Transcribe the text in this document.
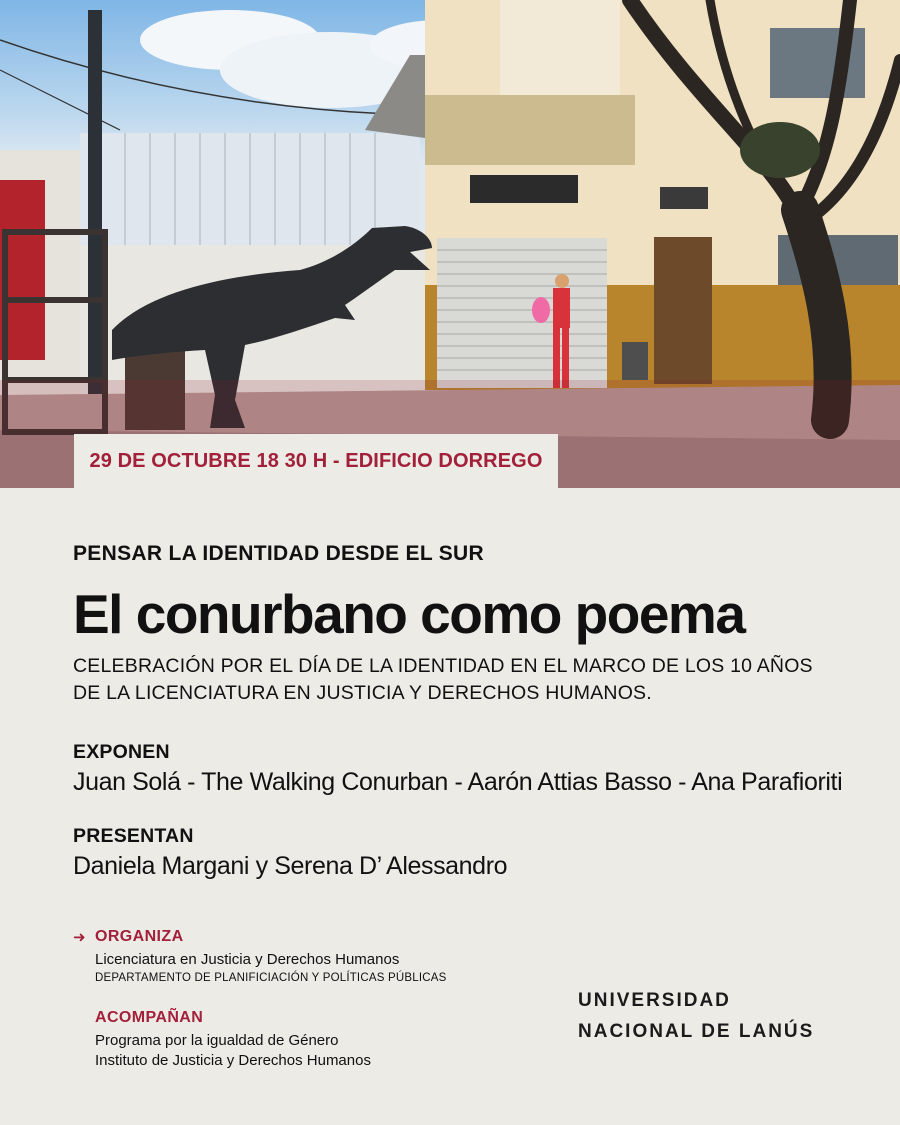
29 DE OCTUBRE 18 30 H - EDIFICIO DORREGO
PENSAR LA IDENTIDAD DESDE EL SUR
El conurbano como poema
CELEBRACIÓN POR EL DÍA DE LA IDENTIDAD EN EL MARCO DE LOS 10 AÑOS
DE LA LICENCIATURA EN JUSTICIA Y DERECHOS HUMANOS.
EXPONEN
Juan Solá - The Walking Conurban - Aarón Attias Basso - Ana Parafioriti
PRESENTAN
Daniela Margani y Serena D’ Alessandro
➜ ORGANIZA
Licenciatura en Justicia y Derechos Humanos
DEPARTAMENTO DE PLANIFICIACIÓN Y POLÍTICAS PÚBLICAS
ACOMPAÑAN
Programa por la igualdad de Género
Instituto de Justicia y Derechos Humanos
UNIVERSIDAD
NACIONAL DE LANÚS
